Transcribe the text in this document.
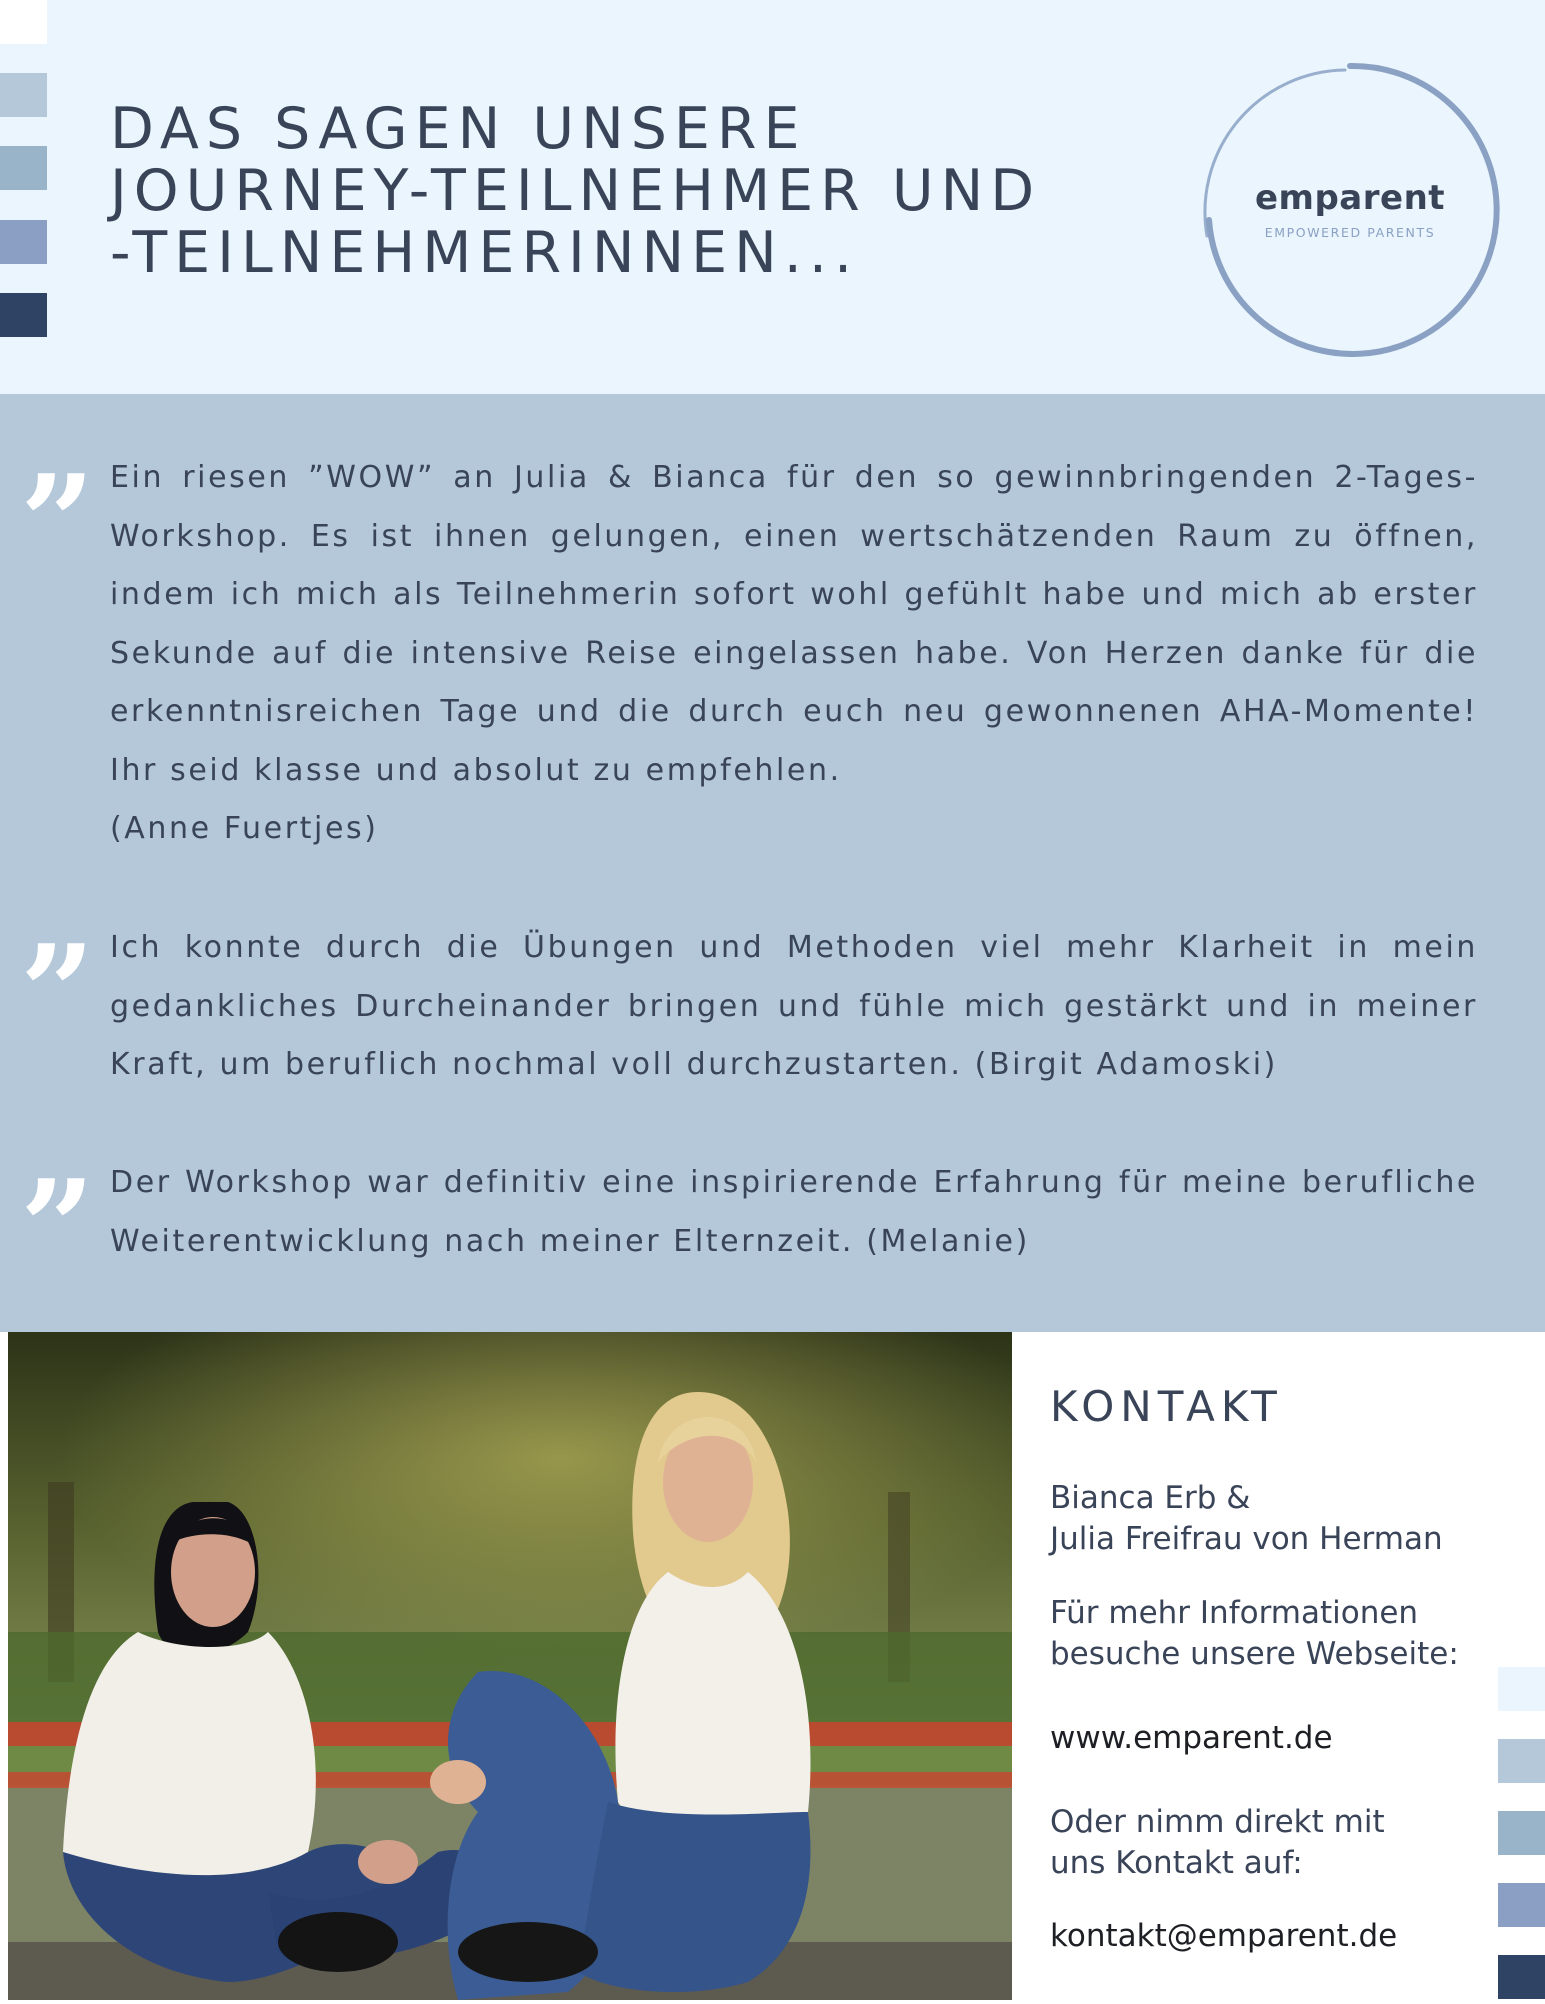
DAS SAGEN UNSERE
JOURNEY-TEILNEHMER UND
-TEILNEHMERINNEN...
emparent
EMPOWERED PARENTS
” Ein riesen ”WOW” an Julia & Bianca für den so gewinnbringenden 2-Tages-Workshop. Es ist ihnen gelungen, einen wertschätzenden Raum zu öffnen, indem ich mich als Teilnehmerin sofort wohl gefühlt habe und mich ab erster Sekunde auf die intensive Reise eingelassen habe. Von Herzen danke für die erkenntnisreichen Tage und die durch euch neu gewonnenen AHA-Momente! Ihr seid klasse und absolut zu empfehlen.
(Anne Fuertjes)

” Ich konnte durch die Übungen und Methoden viel mehr Klarheit in mein gedankliches Durcheinander bringen und fühle mich gestärkt und in meiner Kraft, um beruflich nochmal voll durchzustarten. (Birgit Adamoski)

” Der Workshop war definitiv eine inspirierende Erfahrung für meine berufliche Weiterentwicklung nach meiner Elternzeit. (Melanie)

KONTAKT

Bianca Erb &
Julia Freifrau von Herman

Für mehr Informationen
besuche unsere Webseite:

www.emparent.de

Oder nimm direkt mit
uns Kontakt auf:

kontakt@emparent.de
